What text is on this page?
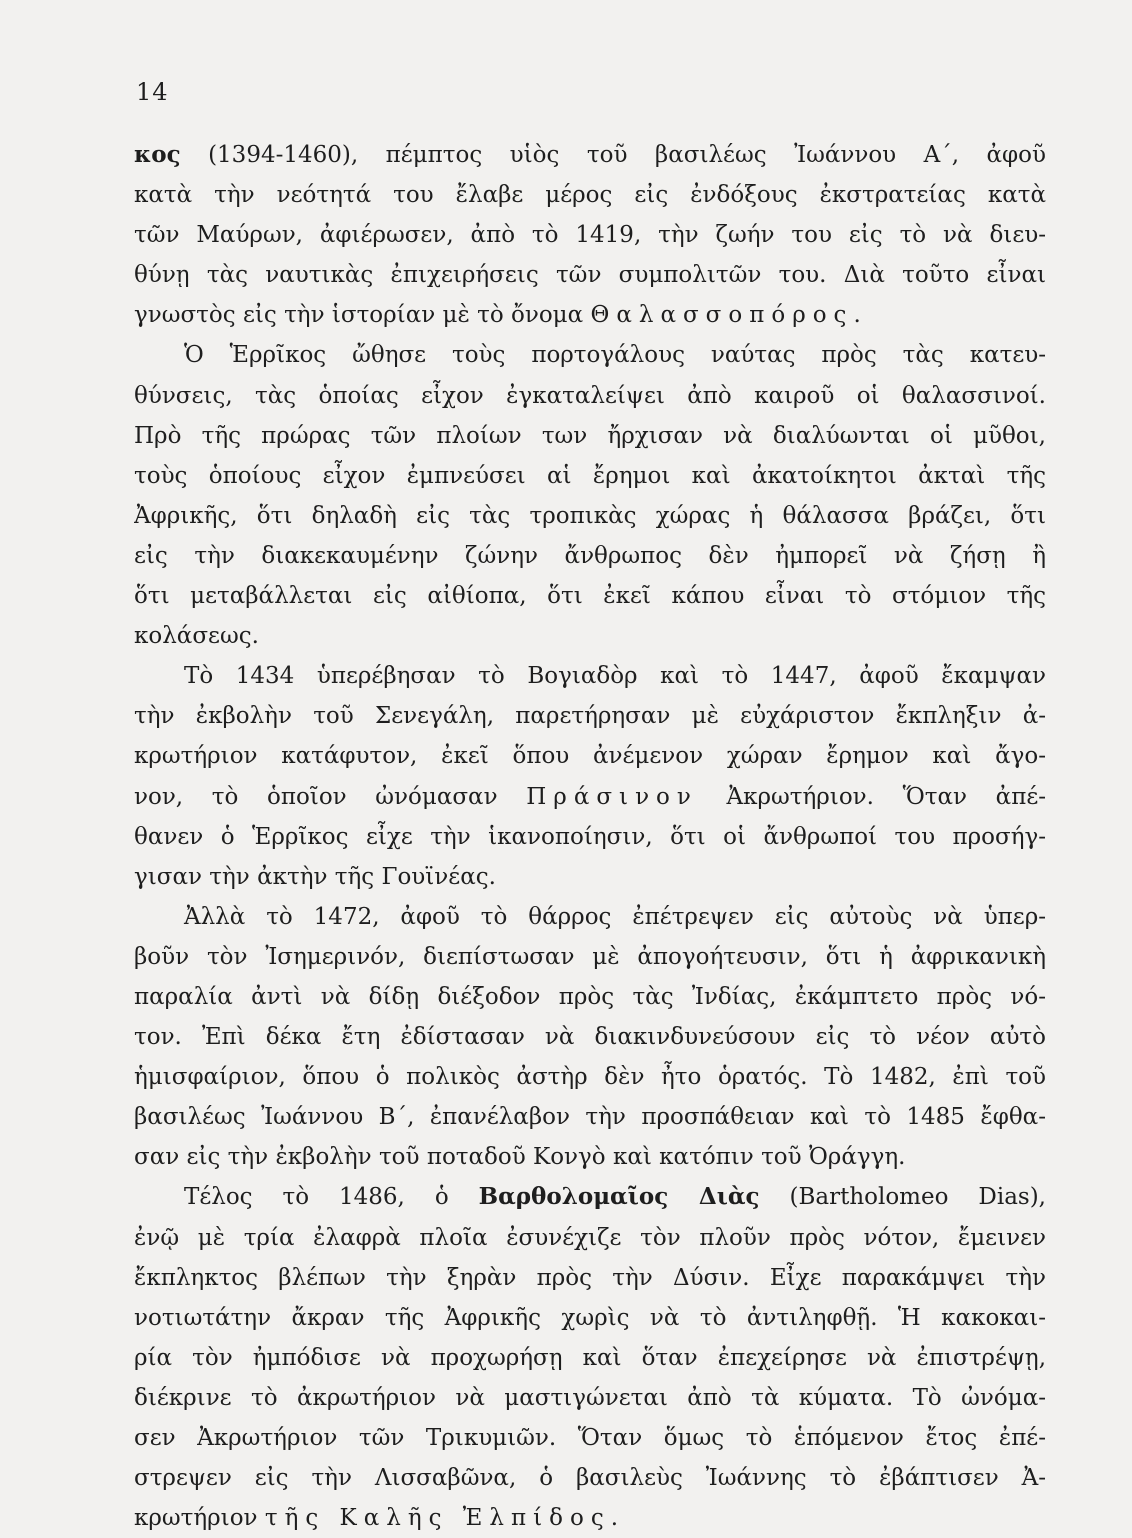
14
κος (1394-1460), πέμπτος υἱὸς τοῦ βασιλέως Ἰωάννου Α΄, ἀφοῦ
κατὰ τὴν νεότητά του ἔλαβε μέρος εἰς ἐνδόξους ἐκστρατείας κατὰ
τῶν Μαύρων, ἀφιέρωσεν, ἀπὸ τὸ 1419, τὴν ζωήν του εἰς τὸ νὰ διευ-
θύνῃ τὰς ναυτικὰς ἐπιχειρήσεις τῶν συμπολιτῶν του. Διὰ τοῦτο εἶναι
γνωστὸς εἰς τὴν ἱστορίαν μὲ τὸ ὄνομα Θαλασσοπόρος.
Ὁ Ἑρρῖκος ὤθησε τοὺς πορτογάλους ναύτας πρὸς τὰς κατευ-
θύνσεις, τὰς ὁποίας εἶχον ἐγκαταλείψει ἀπὸ καιροῦ οἱ θαλασσινοί.
Πρὸ τῆς πρώρας τῶν πλοίων των ἤρχισαν νὰ διαλύωνται οἱ μῦθοι,
τοὺς ὁποίους εἶχον ἐμπνεύσει αἱ ἔρημοι καὶ ἀκατοίκητοι ἀκταὶ τῆς
Ἀφρικῆς, ὅτι δηλαδὴ εἰς τὰς τροπικὰς χώρας ἡ θάλασσα βράζει, ὅτι
εἰς τὴν διακεκαυμένην ζώνην ἄνθρωπος δὲν ἠμπορεῖ νὰ ζήσῃ ἢ
ὅτι μεταβάλλεται εἰς αἰθίοπα, ὅτι ἐκεῖ κάπου εἶναι τὸ στόμιον τῆς
κολάσεως.
Τὸ 1434 ὑπερέβησαν τὸ Βογιαδὸρ καὶ τὸ 1447, ἀφοῦ ἔκαμψαν
τὴν ἐκβολὴν τοῦ Σενεγάλη, παρετήρησαν μὲ εὐχάριστον ἔκπληξιν ἀ-
κρωτήριον κατάφυτον, ἐκεῖ ὅπου ἀνέμενον χώραν ἔρημον καὶ ἄγο-
νον, τὸ ὁποῖον ὠνόμασαν Πράσινον Ἀκρωτήριον. Ὅταν ἀπέ-
θανεν ὁ Ἑρρῖκος εἶχε τὴν ἱκανοποίησιν, ὅτι οἱ ἄνθρωποί του προσήγ-
γισαν τὴν ἀκτὴν τῆς Γουϊνέας.
Ἀλλὰ τὸ 1472, ἀφοῦ τὸ θάρρος ἐπέτρεψεν εἰς αὐτοὺς νὰ ὑπερ-
βοῦν τὸν Ἰσημερινόν, διεπίστωσαν μὲ ἀπογοήτευσιν, ὅτι ἡ ἀφρικανικὴ
παραλία ἀντὶ νὰ δίδῃ διέξοδον πρὸς τὰς Ἰνδίας, ἐκάμπτετο πρὸς νό-
τον. Ἐπὶ δέκα ἔτη ἐδίστασαν νὰ διακινδυνεύσουν εἰς τὸ νέον αὐτὸ
ἡμισφαίριον, ὅπου ὁ πολικὸς ἀστὴρ δὲν ἦτο ὁρατός. Τὸ 1482, ἐπὶ τοῦ
βασιλέως Ἰωάννου Β΄, ἐπανέλαβον τὴν προσπάθειαν καὶ τὸ 1485 ἔφθα-
σαν εἰς τὴν ἐκβολὴν τοῦ ποταδοῦ Κονγὸ καὶ κατόπιν τοῦ Ὀράγγη.
Τέλος τὸ 1486, ὁ Βαρθολομαῖος Διὰς (Bartholomeo Dias),
ἐνῷ μὲ τρία ἐλαφρὰ πλοῖα ἐσυνέχιζε τὸν πλοῦν πρὸς νότον, ἔμεινεν
ἔκπληκτος βλέπων τὴν ξηρὰν πρὸς τὴν Δύσιν. Εἶχε παρακάμψει τὴν
νοτιωτάτην ἄκραν τῆς Ἀφρικῆς χωρὶς νὰ τὸ ἀντιληφθῇ. Ἡ κακοκαι-
ρία τὸν ἠμπόδισε νὰ προχωρήσῃ καὶ ὅταν ἐπεχείρησε νὰ ἐπιστρέψῃ,
διέκρινε τὸ ἀκρωτήριον νὰ μαστιγώνεται ἀπὸ τὰ κύματα. Τὸ ὠνόμα-
σεν Ἀκρωτήριον τῶν Τρικυμιῶν. Ὅταν ὅμως τὸ ἑπόμενον ἔτος ἐπέ-
στρεψεν εἰς τὴν Λισσαβῶνα, ὁ βασιλεὺς Ἰωάννης τὸ ἐβάπτισεν Ἀ-
κρωτήριον τῆς Καλῆς Ἐλπίδος.
